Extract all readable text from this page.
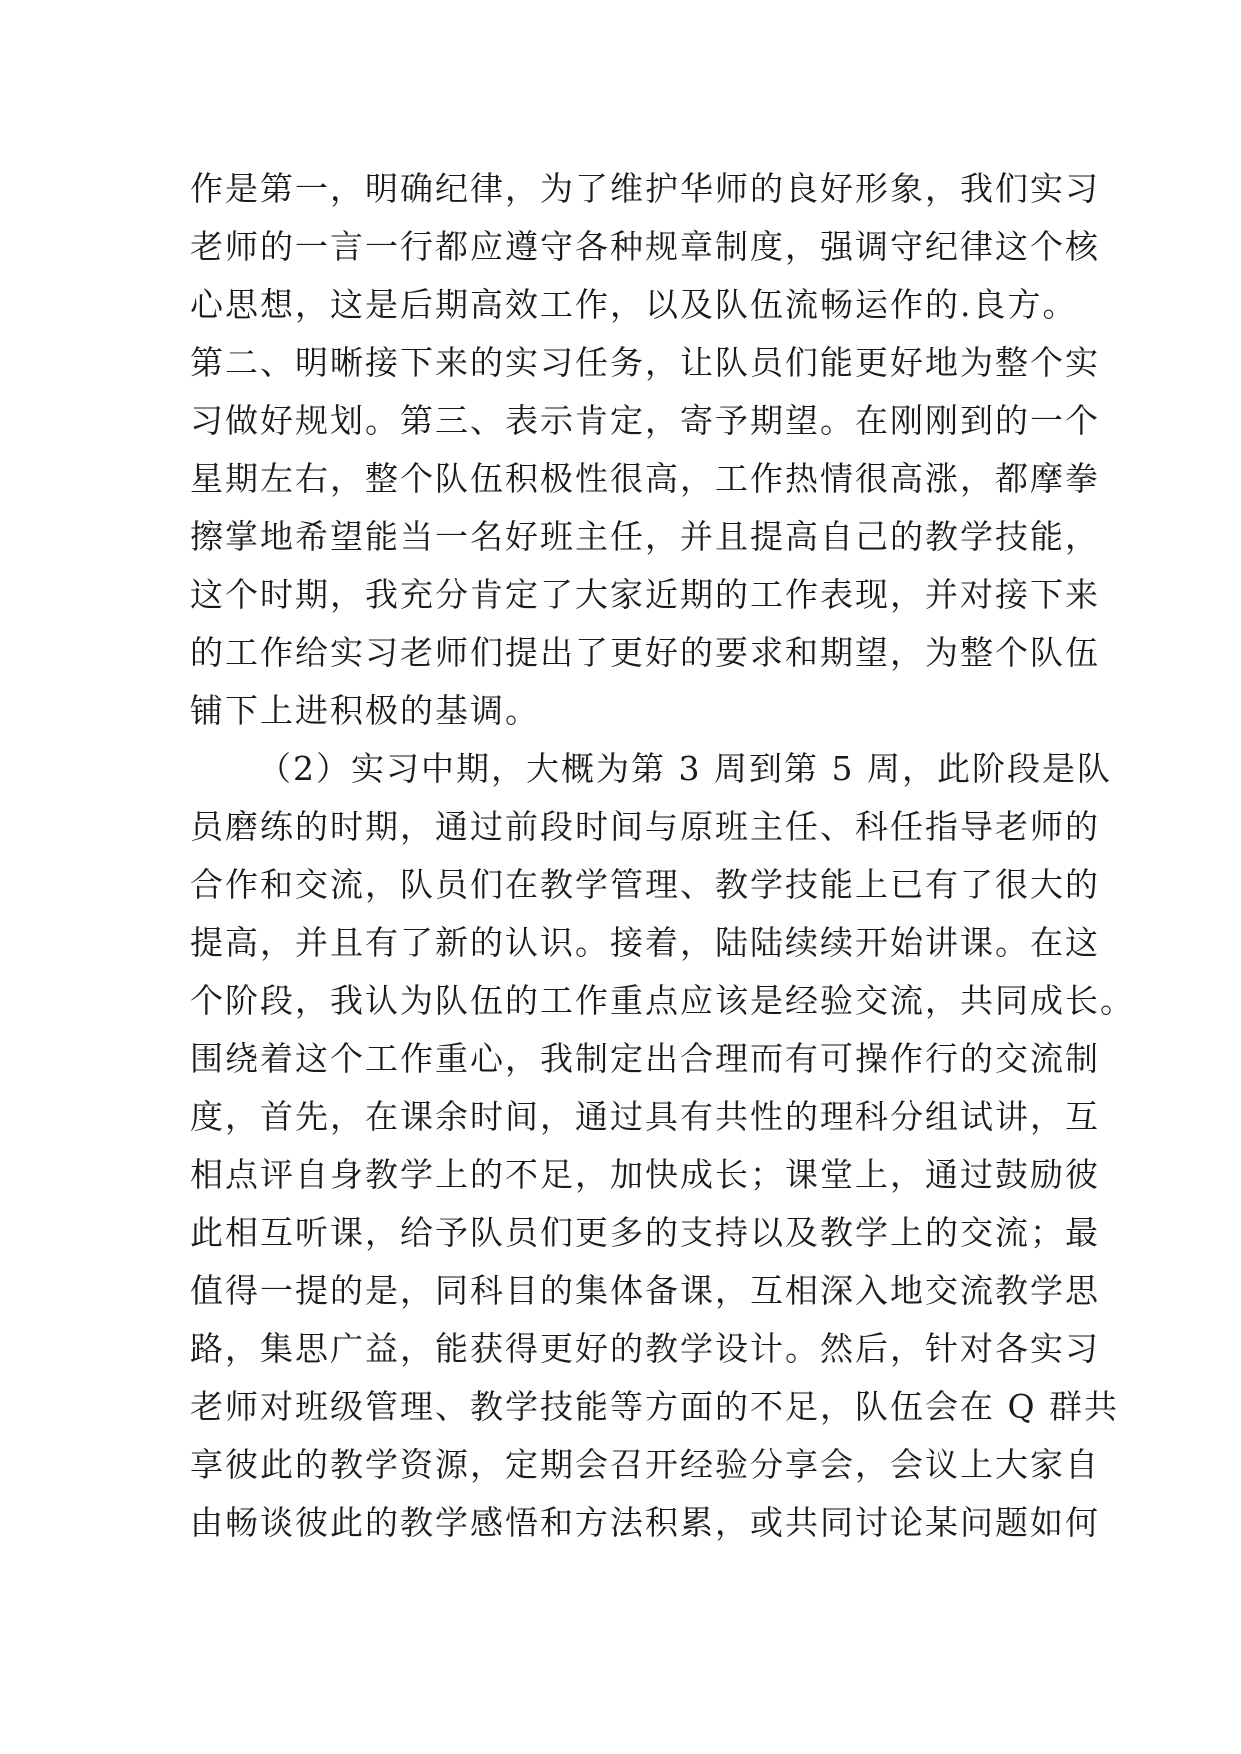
作是第一，明确纪律，为了维护华师的良好形象，我们实习
老师的一言一行都应遵守各种规章制度，强调守纪律这个核
心思想，这是后期高效工作，以及队伍流畅运作的.良方。
第二、明晰接下来的实习任务，让队员们能更好地为整个实
习做好规划。第三、表示肯定，寄予期望。在刚刚到的一个
星期左右，整个队伍积极性很高，工作热情很高涨，都摩拳
擦掌地希望能当一名好班主任，并且提高自己的教学技能，
这个时期，我充分肯定了大家近期的工作表现，并对接下来
的工作给实习老师们提出了更好的要求和期望，为整个队伍
铺下上进积极的基调。
（2）实习中期，大概为第 3 周到第 5 周，此阶段是队
员磨练的时期，通过前段时间与原班主任、科任指导老师的
合作和交流，队员们在教学管理、教学技能上已有了很大的
提高，并且有了新的认识。接着，陆陆续续开始讲课。在这
个阶段，我认为队伍的工作重点应该是经验交流，共同成长。
围绕着这个工作重心，我制定出合理而有可操作行的交流制
度，首先，在课余时间，通过具有共性的理科分组试讲，互
相点评自身教学上的不足，加快成长；课堂上，通过鼓励彼
此相互听课，给予队员们更多的支持以及教学上的交流；最
值得一提的是，同科目的集体备课，互相深入地交流教学思
路，集思广益，能获得更好的教学设计。然后，针对各实习
老师对班级管理、教学技能等方面的不足，队伍会在 Q 群共
享彼此的教学资源，定期会召开经验分享会，会议上大家自
由畅谈彼此的教学感悟和方法积累，或共同讨论某问题如何
